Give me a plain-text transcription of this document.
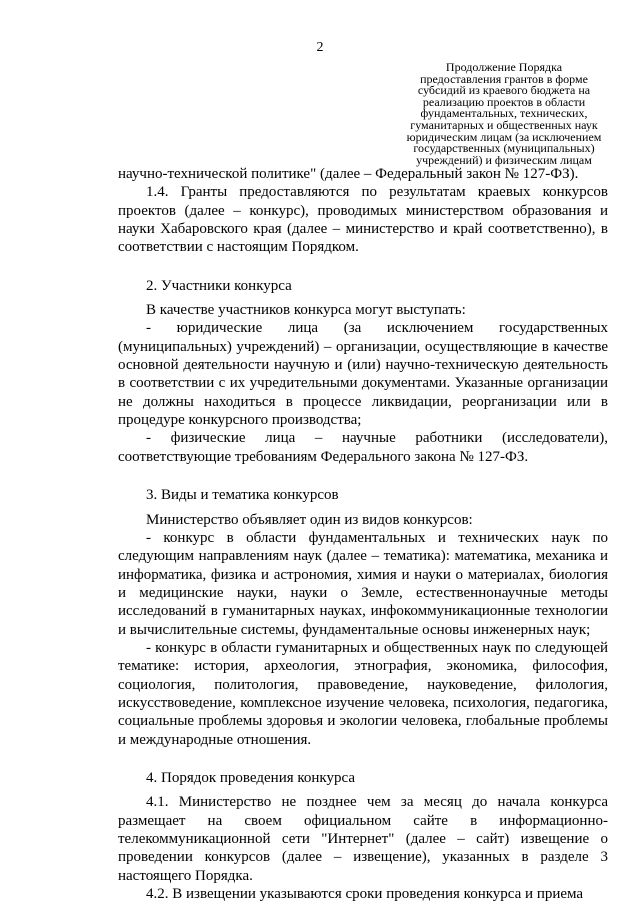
2
Продолжение Порядка
предоставления грантов в форме
субсидий из краевого бюджета на
реализацию проектов в области
фундаментальных, технических,
гуманитарных и общественных наук
юридическим лицам (за исключением
государственных (муниципальных)
учреждений) и физическим лицам

научно-технической политике" (далее – Федеральный закон № 127-ФЗ).

1.4. Гранты предоставляются по результатам краевых конкурсов проектов (далее – конкурс), проводимых министерством образования и науки Хабаровского края (далее – министерство и край соответственно), в соответствии с настоящим Порядком.

2. Участники конкурса

В качестве участников конкурса могут выступать:

- юридические лица (за исключением государственных (муниципальных) учреждений) – организации, осуществляющие в качестве основной деятельности научную и (или) научно-техническую деятельность в соответствии с их учредительными документами. Указанные организации не должны находиться в процессе ликвидации, реорганизации или в процедуре конкурсного производства;

- физические лица – научные работники (исследователи), соответствующие требованиям Федерального закона № 127-ФЗ.

3. Виды и тематика конкурсов

Министерство объявляет один из видов конкурсов:

- конкурс в области фундаментальных и технических наук по следующим направлениям наук (далее – тематика): математика, механика и информатика, физика и астрономия, химия и науки о материалах, биология и медицинские науки, науки о Земле, естественнонаучные методы исследований в гуманитарных науках, инфокоммуникационные технологии и вычислительные системы, фундаментальные основы инженерных наук;

- конкурс в области гуманитарных и общественных наук по следующей тематике: история, археология, этнография, экономика, философия, социология, политология, правоведение, науковедение, филология, искусствоведение, комплексное изучение человека, психология, педагогика, социальные проблемы здоровья и экологии человека, глобальные проблемы и международные отношения.

4. Порядок проведения конкурса

4.1. Министерство не позднее чем за месяц до начала конкурса размещает на своем официальном сайте в информационно-телекоммуникационной сети "Интернет" (далее – сайт) извещение о проведении конкурсов (далее – извещение), указанных в разделе 3 настоящего Порядка.

4.2. В извещении указываются сроки проведения конкурса и приема
